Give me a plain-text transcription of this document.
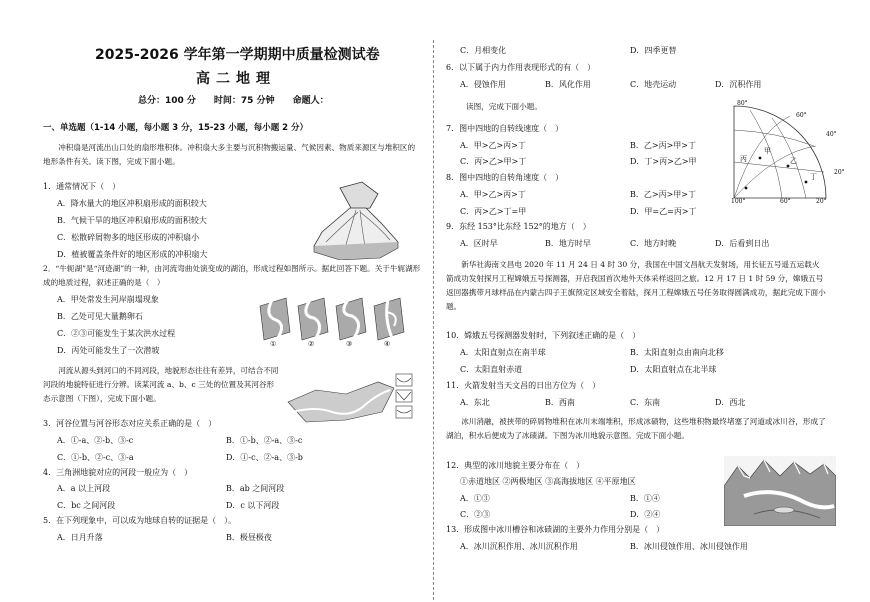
2025-2026 学年第一学期期中质量检测试卷
高二地理
总分：100 分　　时间：75 分钟　　命题人：
一、单选题（1-14 小题，每小题 3 分，15-23 小题，每小题 2 分）
冲积扇是河流出山口处的扇形堆积体。冲积扇大多主要与沉积物搬运量、气候因素、物质来源区与堆积区的地形条件有关。读下图，完成下面小题。
1．通常情况下（　）
A．降水量大的地区冲积扇形成的面积较大
B．气候干旱的地区冲积扇形成的面积较大
C．松散碎屑物多的地区形成的冲积扇小
D．植被覆盖条件好的地区形成的冲积扇大
2．“牛轭湖”是“河迹湖”的一种，由河流弯曲处演变成的湖泊，形成过程如图所示。据此回答下题。关于牛轭湖形成的地质过程，叙述正确的是（　）
A．甲处常发生河岸崩塌现象
B．乙处可见大量鹅卵石
C．②③可能发生于某次洪水过程
D．丙处可能发生了一次潜坡
①	②	③	④
河流从源头到河口的不同河段，地貌形态往往有差异，可结合不同河段的地貌特征进行分辨。读某河流 a、b、c 三处的位置及其河谷形态示意图（下图），完成下面小题。
3．河谷位置与河谷形态对应关系正确的是（　）
A．①-a、②-b、③-c	B．①-b、②-a、③-c
C．①-b、②-c、③-a	D．①-c、②-a、③-b
4．三角洲地貌对应的河段一般应为（　）
A．a 以上河段	B．ab 之间河段
C．bc 之间河段	D．c 以下河段
5．在下列现象中，可以成为地球自转的证据是（　）。
A．日月升落	B．极昼极夜
C．月相变化	D．四季更替
6．以下属于内力作用表现形式的有（　）
A．侵蚀作用	B．风化作用	C．地壳运动	D．沉积作用
读图，完成下面小题。
7．图中四地的自转线速度（　）
A．甲>乙>丙>丁	B．乙>丙>甲>丁
C．丙>乙>甲>丁	D．丁>丙>乙>甲
8．图中四地的自转角速度（　）
A．甲>乙>丙>丁	B．乙>丙>甲>丁
C．丙>乙>丁=甲	D．甲=乙=丙>丁
9．东经 153°比东经 152°的地方（　）
A．区时早	B．地方时早	C．地方时晚	D．后看到日出
80°
60°
40°
20°
100°	60°	20°
甲
乙
丙
丁
新华社海南文昌电 2020 年 11 月 24 日 4 时 30 分，我国在中国文昌航天发射场，用长征五号遥五运载火箭成功发射探月工程嫦娥五号探测器，开启我国首次地外天体采样返回之旅。12 月 17 日 1 时 59 分，嫦娥五号返回器携带月球样品在内蒙古四子王旗预定区域安全着陆，探月工程嫦娥五号任务取得圆满成功，据此完成下面小题。
10．嫦娥五号探测器发射时，下列叙述正确的是（　）
A．太阳直射点在南半球	B．太阳直射点由南向北移
C．太阳直射赤道	D．太阳直射点在北半球
11．火箭发射当天文昌的日出方位为（　）
A．东北	B．西南	C．东南	D．西北
冰川消融，被挟带的碎屑物堆积在冰川末端堆积，形成冰碛物，这些堆积物最终堵塞了河道或冰川谷，形成了湖泊，积水后便成为了冰碛湖。下图为冰川地貌示意图。完成下面小题。
12．典型的冰川地貌主要分布在（　）
①赤道地区 ②两极地区 ③高海拔地区 ④平原地区
A．①③	B．①④
C．②③	D．②④
13．形成图中冰川槽谷和冰碛湖的主要外力作用分别是（　）
A．冰川沉积作用、冰川沉积作用	B．冰川侵蚀作用、冰川侵蚀作用
